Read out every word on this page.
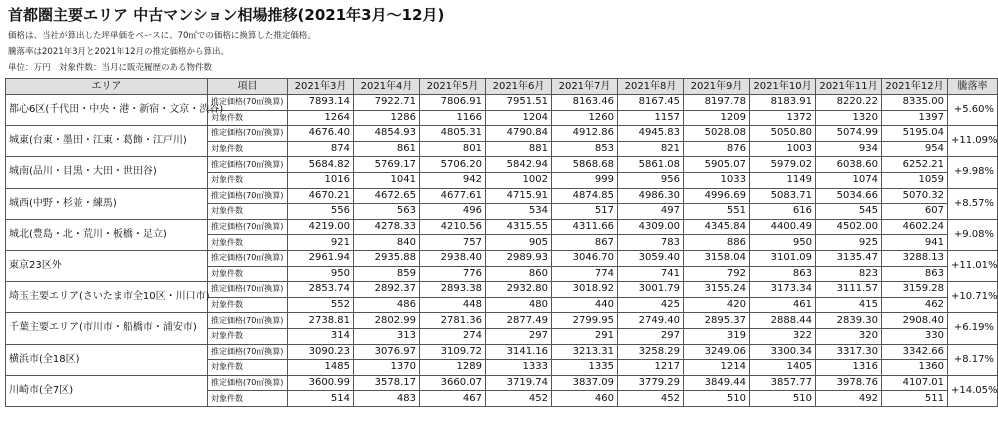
首都圏主要エリア 中古マンション相場推移(2021年3月～12月)
価格は、当社が算出した坪単価をベースに、70㎡での価格に換算した推定価格。
騰落率は2021年3月と2021年12月の推定価格から算出。
単位：万円　対象件数：当月に販売履歴のある物件数
エリア	項目	2021年3月	2021年4月	2021年5月	2021年6月	2021年7月	2021年8月	2021年9月	2021年10月	2021年11月	2021年12月	騰落率
都心6区(千代田・中央・港・新宿・文京・渋谷)	推定価格(70㎡換算)	7893.14	7922.71	7806.91	7951.51	8163.46	8167.45	8197.78	8183.91	8220.22	8335.00	+5.60%
	対象件数	1264	1286	1166	1204	1260	1157	1209	1372	1320	1397	
城東(台東・墨田・江東・葛飾・江戸川)	推定価格(70㎡換算)	4676.40	4854.93	4805.31	4790.84	4912.86	4945.83	5028.08	5050.80	5074.99	5195.04	+11.09%
	対象件数	874	861	801	881	853	821	876	1003	934	954	
城南(品川・目黒・大田・世田谷)	推定価格(70㎡換算)	5684.82	5769.17	5706.20	5842.94	5868.68	5861.08	5905.07	5979.02	6038.60	6252.21	+9.98%
	対象件数	1016	1041	942	1002	999	956	1033	1149	1074	1059	
城西(中野・杉並・練馬)	推定価格(70㎡換算)	4670.21	4672.65	4677.61	4715.91	4874.85	4986.30	4996.69	5083.71	5034.66	5070.32	+8.57%
	対象件数	556	563	496	534	517	497	551	616	545	607	
城北(豊島・北・荒川・板橋・足立)	推定価格(70㎡換算)	4219.00	4278.33	4210.56	4315.55	4311.66	4309.00	4345.84	4400.49	4502.00	4602.24	+9.08%
	対象件数	921	840	757	905	867	783	886	950	925	941	
東京23区外	推定価格(70㎡換算)	2961.94	2935.88	2938.40	2989.93	3046.70	3059.40	3158.04	3101.09	3135.47	3288.13	+11.01%
	対象件数	950	859	776	860	774	741	792	863	823	863	
埼玉主要エリア(さいたま市全10区・川口市)	推定価格(70㎡換算)	2853.74	2892.37	2893.38	2932.80	3018.92	3001.79	3155.24	3173.34	3111.57	3159.28	+10.71%
	対象件数	552	486	448	480	440	425	420	461	415	462	
千葉主要エリア(市川市・船橋市・浦安市)	推定価格(70㎡換算)	2738.81	2802.99	2781.36	2877.49	2799.95	2749.40	2895.37	2888.44	2839.30	2908.40	+6.19%
	対象件数	314	313	274	297	291	297	319	322	320	330	
横浜市(全18区)	推定価格(70㎡換算)	3090.23	3076.97	3109.72	3141.16	3213.31	3258.29	3249.06	3300.34	3317.30	3342.66	+8.17%
	対象件数	1485	1370	1289	1333	1335	1217	1214	1405	1316	1360	
川崎市(全7区)	推定価格(70㎡換算)	3600.99	3578.17	3660.07	3719.74	3837.09	3779.29	3849.44	3857.77	3978.76	4107.01	+14.05%
	対象件数	514	483	467	452	460	452	510	510	492	511	
